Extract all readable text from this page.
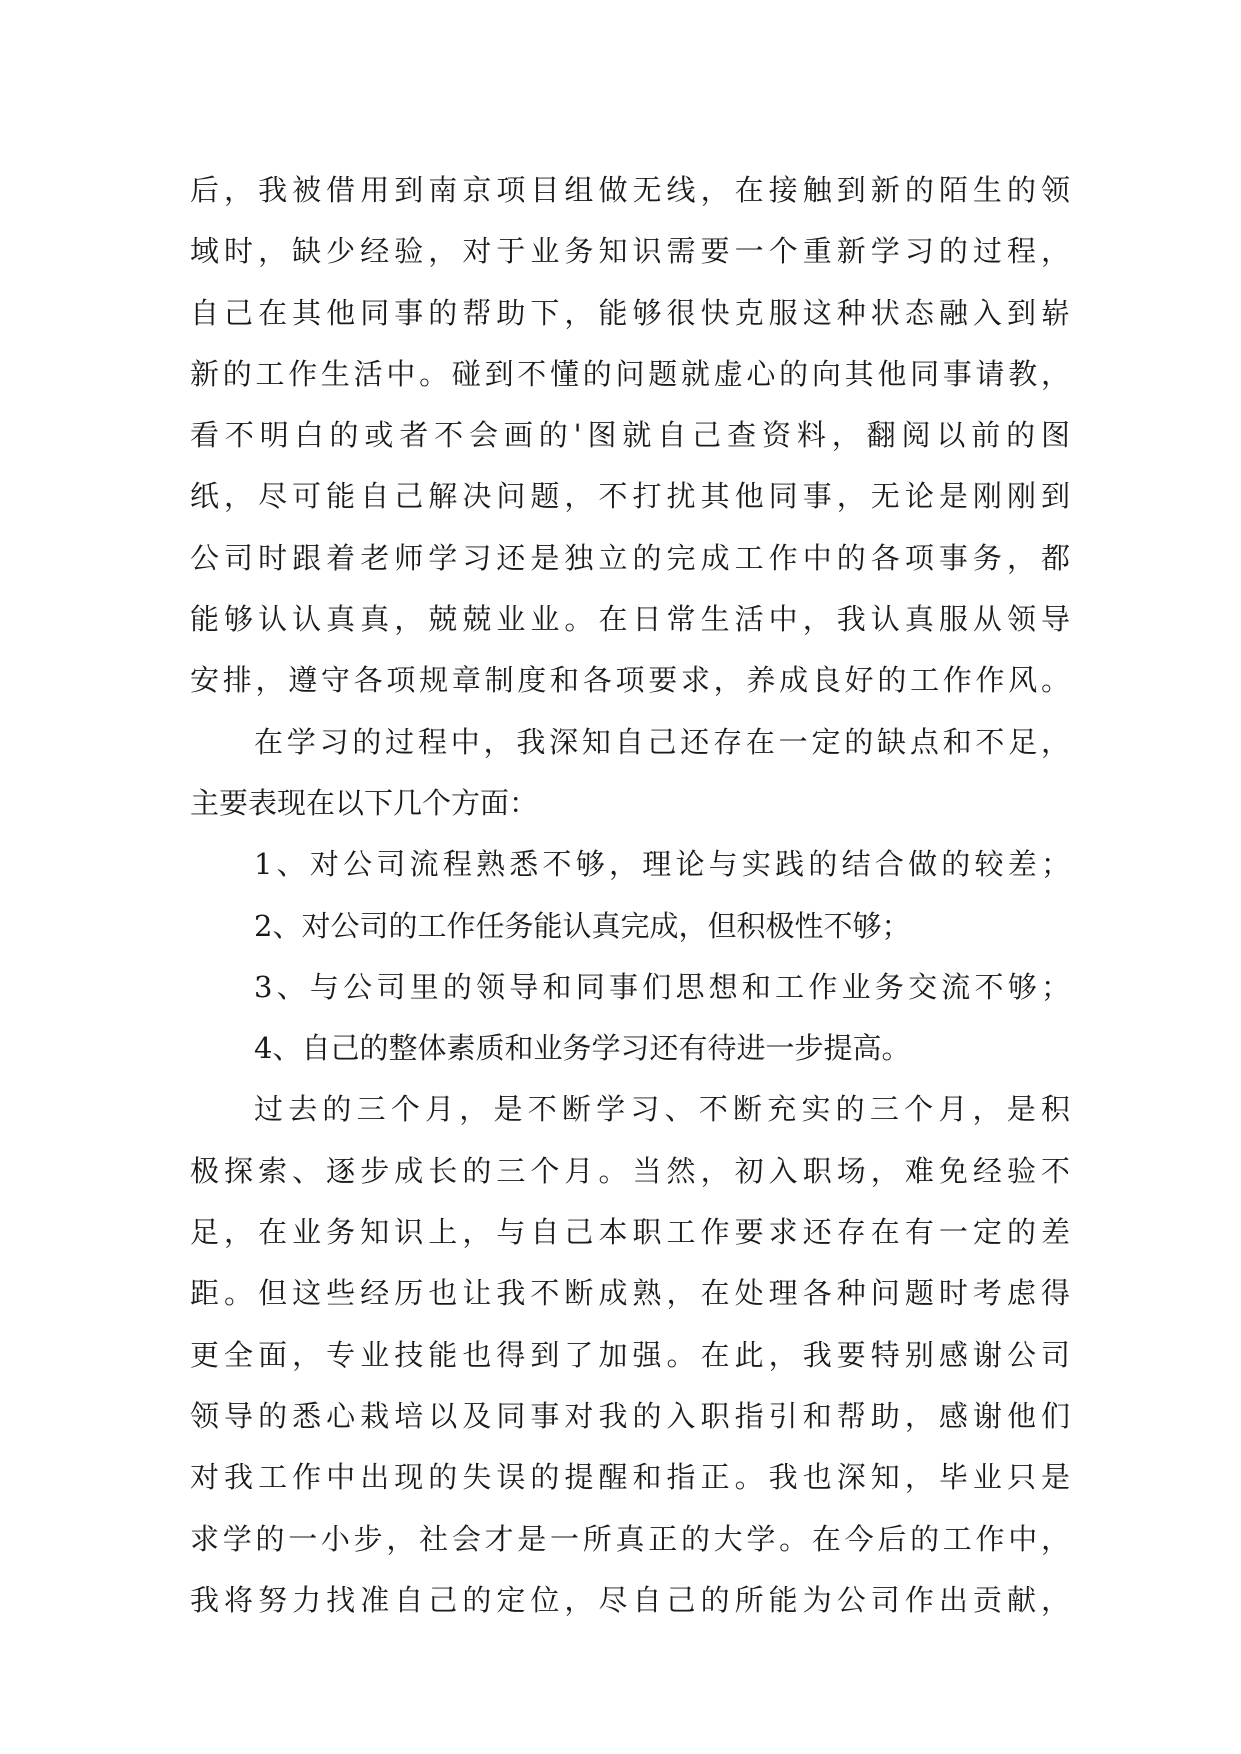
后，我被借用到南京项目组做无线，在接触到新的陌生的领
域时，缺少经验，对于业务知识需要一个重新学习的过程，
自己在其他同事的帮助下，能够很快克服这种状态融入到崭
新的工作生活中。碰到不懂的问题就虚心的向其他同事请教，
看不明白的或者不会画的'图就自己查资料，翻阅以前的图
纸，尽可能自己解决问题，不打扰其他同事，无论是刚刚到
公司时跟着老师学习还是独立的完成工作中的各项事务，都
能够认认真真，兢兢业业。在日常生活中，我认真服从领导
安排，遵守各项规章制度和各项要求，养成良好的工作作风。
在学习的过程中，我深知自己还存在一定的缺点和不足，
主要表现在以下几个方面：
1、对公司流程熟悉不够，理论与实践的结合做的较差；
2、对公司的工作任务能认真完成，但积极性不够；
3、与公司里的领导和同事们思想和工作业务交流不够；
4、自己的整体素质和业务学习还有待进一步提高。
过去的三个月，是不断学习、不断充实的三个月，是积
极探索、逐步成长的三个月。当然，初入职场，难免经验不
足，在业务知识上，与自己本职工作要求还存在有一定的差
距。但这些经历也让我不断成熟，在处理各种问题时考虑得
更全面，专业技能也得到了加强。在此，我要特别感谢公司
领导的悉心栽培以及同事对我的入职指引和帮助，感谢他们
对我工作中出现的失误的提醒和指正。我也深知，毕业只是
求学的一小步，社会才是一所真正的大学。在今后的工作中，
我将努力找准自己的定位，尽自己的所能为公司作出贡献，
